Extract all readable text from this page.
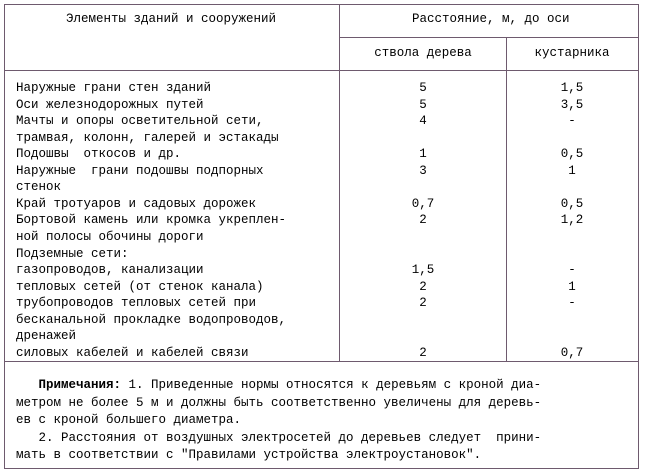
Элементы зданий и сооружений	Расстояние, м, до оси
ствола дерева	кустарника
Наружные грани стен зданий	5	1,5
Оси железнодорожных путей	5	3,5
Мачты и опоры осветительной сети,	4	-
трамвая, колонн, галерей и эстакады
Подошвы  откосов и др.	1	0,5
Наружные  грани подошвы подпорных	3	1
стенок
Край тротуаров и садовых дорожек	0,7	0,5
Бортовой камень или кромка укреплен-	2	1,2
ной полосы обочины дороги
Подземные сети:
газопроводов, канализации	1,5	-
тепловых сетей (от стенок канала)	2	1
трубопроводов тепловых сетей при	2	-
бесканальной прокладке водопроводов,
дренажей
силовых кабелей и кабелей связи	2	0,7
Примечания: 1. Приведенные нормы относятся к деревьям с кроной диа-
метром не более 5 м и должны быть соответственно увеличены для деревь-
ев с кроной большего диаметра.
2. Расстояния от воздушных электросетей до деревьев следует  прини-
мать в соответствии с "Правилами устройства электроустановок".
